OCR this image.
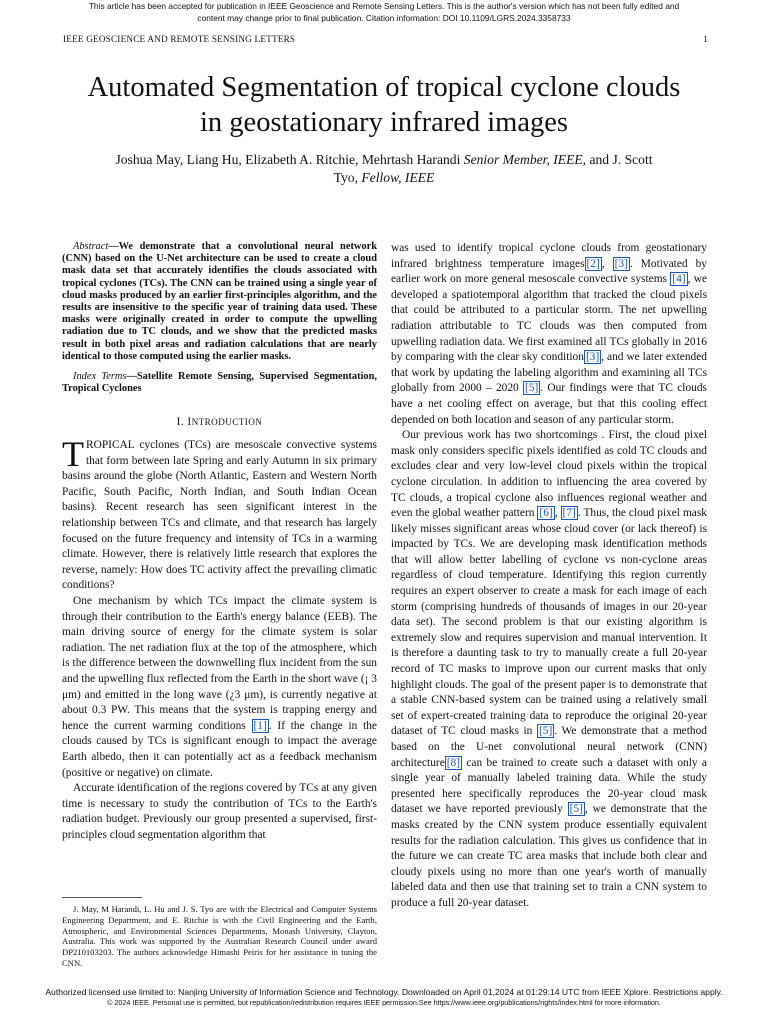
This article has been accepted for publication in IEEE Geoscience and Remote Sensing Letters. This is the author's version which has not been fully edited and
content may change prior to final publication. Citation information: DOI 10.1109/LGRS.2024.3358733
IEEE GEOSCIENCE AND REMOTE SENSING LETTERS	1
Automated Segmentation of tropical cyclone clouds
in geostationary infrared images
Joshua May, Liang Hu, Elizabeth A. Ritchie, Mehrtash Harandi Senior Member, IEEE, and J. Scott
Tyo, Fellow, IEEE

Abstract—We demonstrate that a convolutional neural network (CNN) based on the U-Net architecture can be used to create a cloud mask data set that accurately identifies the clouds associated with tropical cyclones (TCs). The CNN can be trained using a single year of cloud masks produced by an earlier first-principles algorithm, and the results are insensitive to the specific year of training data used. These masks were originally created in order to compute the upwelling radiation due to TC clouds, and we show that the predicted masks result in both pixel areas and radiation calculations that are nearly identical to those computed using the earlier masks.

Index Terms—Satellite Remote Sensing, Supervised Segmentation, Tropical Cyclones

I. INTRODUCTION

TROPICAL cyclones (TCs) are mesoscale convective systems that form between late Spring and early Autumn in six primary basins around the globe (North Atlantic, Eastern and Western North Pacific, South Pacific, North Indian, and South Indian Ocean basins). Recent research has seen significant interest in the relationship between TCs and climate, and that research has largely focused on the future frequency and intensity of TCs in a warming climate. However, there is relatively little research that explores the reverse, namely: How does TC activity affect the prevailing climatic conditions?

One mechanism by which TCs impact the climate system is through their contribution to the Earth's energy balance (EEB). The main driving source of energy for the climate system is solar radiation. The net radiation flux at the top of the atmosphere, which is the difference between the downwelling flux incident from the sun and the upwelling flux reflected from the Earth in the short wave (¡ 3 μm) and emitted in the long wave (¿3 μm), is currently negative at about 0.3 PW. This means that the system is trapping energy and hence the current warming conditions [1] . If the change in the clouds caused by TCs is significant enough to impact the average Earth albedo, then it can potentially act as a feedback mechanism (positive or negative) on climate.

Accurate identification of the regions covered by TCs at any given time is necessary to study the contribution of TCs to the Earth's radiation budget. Previously our group presented a supervised, first-principles cloud segmentation algorithm that

J. May, M Harandi, L. Hu and J. S. Tyo are with the Electrical and Computer Systems Engineering Department, and E. Ritchie is with the Civil Engineering and the Earth, Atmospheric, and Environmental Sciences Departments, Monash University, Clayton, Australia. This work was supported by the Australian Research Council under award DP210103203. The authors acknowledge Himashi Peiris for her assistance in tuning the CNN.

was used to identify tropical cyclone clouds from geostationary infrared brightness temperature images [2] , [3] . Motivated by earlier work on more general mesoscale convective systems [4] , we developed a spatiotemporal algorithm that tracked the cloud pixels that could be attributed to a particular storm. The net upwelling radiation attributable to TC clouds was then computed from upwelling radiation data. We first examined all TCs globally in 2016 by comparing with the clear sky condition [3] , and we later extended that work by updating the labeling algorithm and examining all TCs globally from 2000 – 2020 [5] . Our findings were that TC clouds have a net cooling effect on average, but that this cooling effect depended on both location and season of any particular storm.

Our previous work has two shortcomings . First, the cloud pixel mask only considers specific pixels identified as cold TC clouds and excludes clear and very low-level cloud pixels within the tropical cyclone circulation. In addition to influencing the area covered by TC clouds, a tropical cyclone also influences regional weather and even the global weather pattern [6] , [7] . Thus, the cloud pixel mask likely misses significant areas whose cloud cover (or lack thereof) is impacted by TCs. We are developing mask identification methods that will allow better labelling of cyclone vs non-cyclone areas regardless of cloud temperature. Identifying this region currently requires an expert observer to create a mask for each image of each storm (comprising hundreds of thousands of images in our 20-year data set). The second problem is that our existing algorithm is extremely slow and requires supervision and manual intervention. It is therefore a daunting task to try to manually create a full 20-year record of TC masks to improve upon our current masks that only highlight clouds. The goal of the present paper is to demonstrate that a stable CNN-based system can be trained using a relatively small set of expert-created training data to reproduce the original 20-year dataset of TC cloud masks in [5] . We demonstrate that a method based on the U-net convolutional neural network (CNN) architecture [8] can be trained to create such a dataset with only a single year of manually labeled training data. While the study presented here specifically reproduces the 20-year cloud mask dataset we have reported previously [5] , we demonstrate that the masks created by the CNN system produce essentially equivalent results for the radiation calculation. This gives us confidence that in the future we can create TC area masks that include both clear and cloudy pixels using no more than one year's worth of manually labeled data and then use that training set to train a CNN system to produce a full 20-year dataset.

Authorized licensed use limited to: Nanjing University of Information Science and Technology. Downloaded on April 01,2024 at 01:29:14 UTC from IEEE Xplore. Restrictions apply.
© 2024 IEEE. Personal use is permitted, but republication/redistribution requires IEEE permission.See https://www.ieee.org/publications/rights/index.html for more information.
